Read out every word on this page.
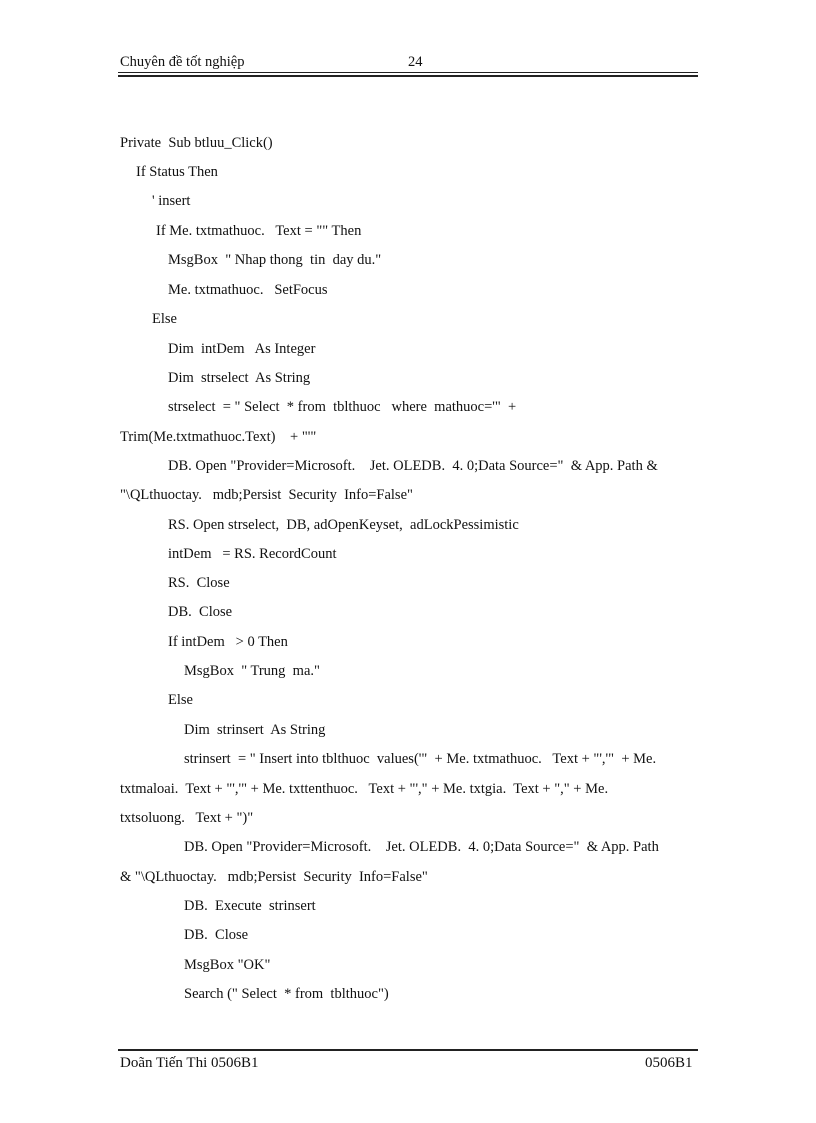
Chuyên đề tốt nghiệp	24
Private  Sub btluu_Click()
If Status Then
' insert
If Me. txtmathuoc.   Text = "" Then
MsgBox  " Nhap thong  tin  day du."
Me. txtmathuoc.   SetFocus
Else
Dim  intDem   As Integer
Dim  strselect  As String
strselect  = " Select  * from  tblthuoc   where  mathuoc='"  +
Trim(Me.txtmathuoc.Text)    + "'"
DB. Open "Provider=Microsoft.    Jet. OLEDB.  4. 0;Data Source="  & App. Path &
"\QLthuoctay.   mdb;Persist  Security  Info=False"
RS. Open strselect,  DB, adOpenKeyset,  adLockPessimistic
intDem   = RS. RecordCount
RS.  Close
DB.  Close
If intDem   > 0 Then
MsgBox  " Trung  ma."
Else
Dim  strinsert  As String
strinsert  = " Insert into tblthuoc  values('"  + Me. txtmathuoc.   Text + "','"  + Me.
txtmaloai.  Text + "','" + Me. txttenthuoc.   Text + "'," + Me. txtgia.  Text + "," + Me.
txtsoluong.   Text + ")"
DB. Open "Provider=Microsoft.    Jet. OLEDB.  4. 0;Data Source="  & App. Path
& "\QLthuoctay.   mdb;Persist  Security  Info=False"
DB.  Execute  strinsert
DB.  Close
MsgBox "OK"
Search (" Select  * from  tblthuoc")
Doãn Tiến Thi 0506B1	0506B1
